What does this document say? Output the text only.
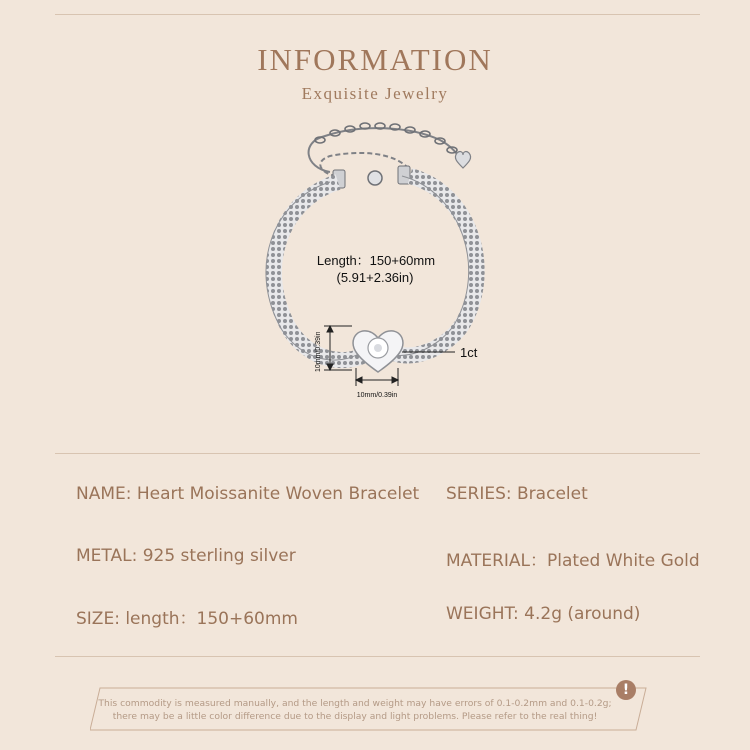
INFORMATION
Exquisite Jewelry
Length：150+60mm
(5.91+2.36in)
1ct
10mm/0.39in
10mm/0.39in
NAME: Heart Moissanite Woven Bracelet SERIES: Bracelet
METAL: 925 sterling silver	MATERIAL：Plated White Gold
SIZE: length：150+60mm	WEIGHT: 4.2g (around)
!
This commodity is measured manually, and the length and weight may have errors of 0.1-0.2mm and 0.1-0.2g;
there may be a little color difference due to the display and light problems. Please refer to the real thing!
